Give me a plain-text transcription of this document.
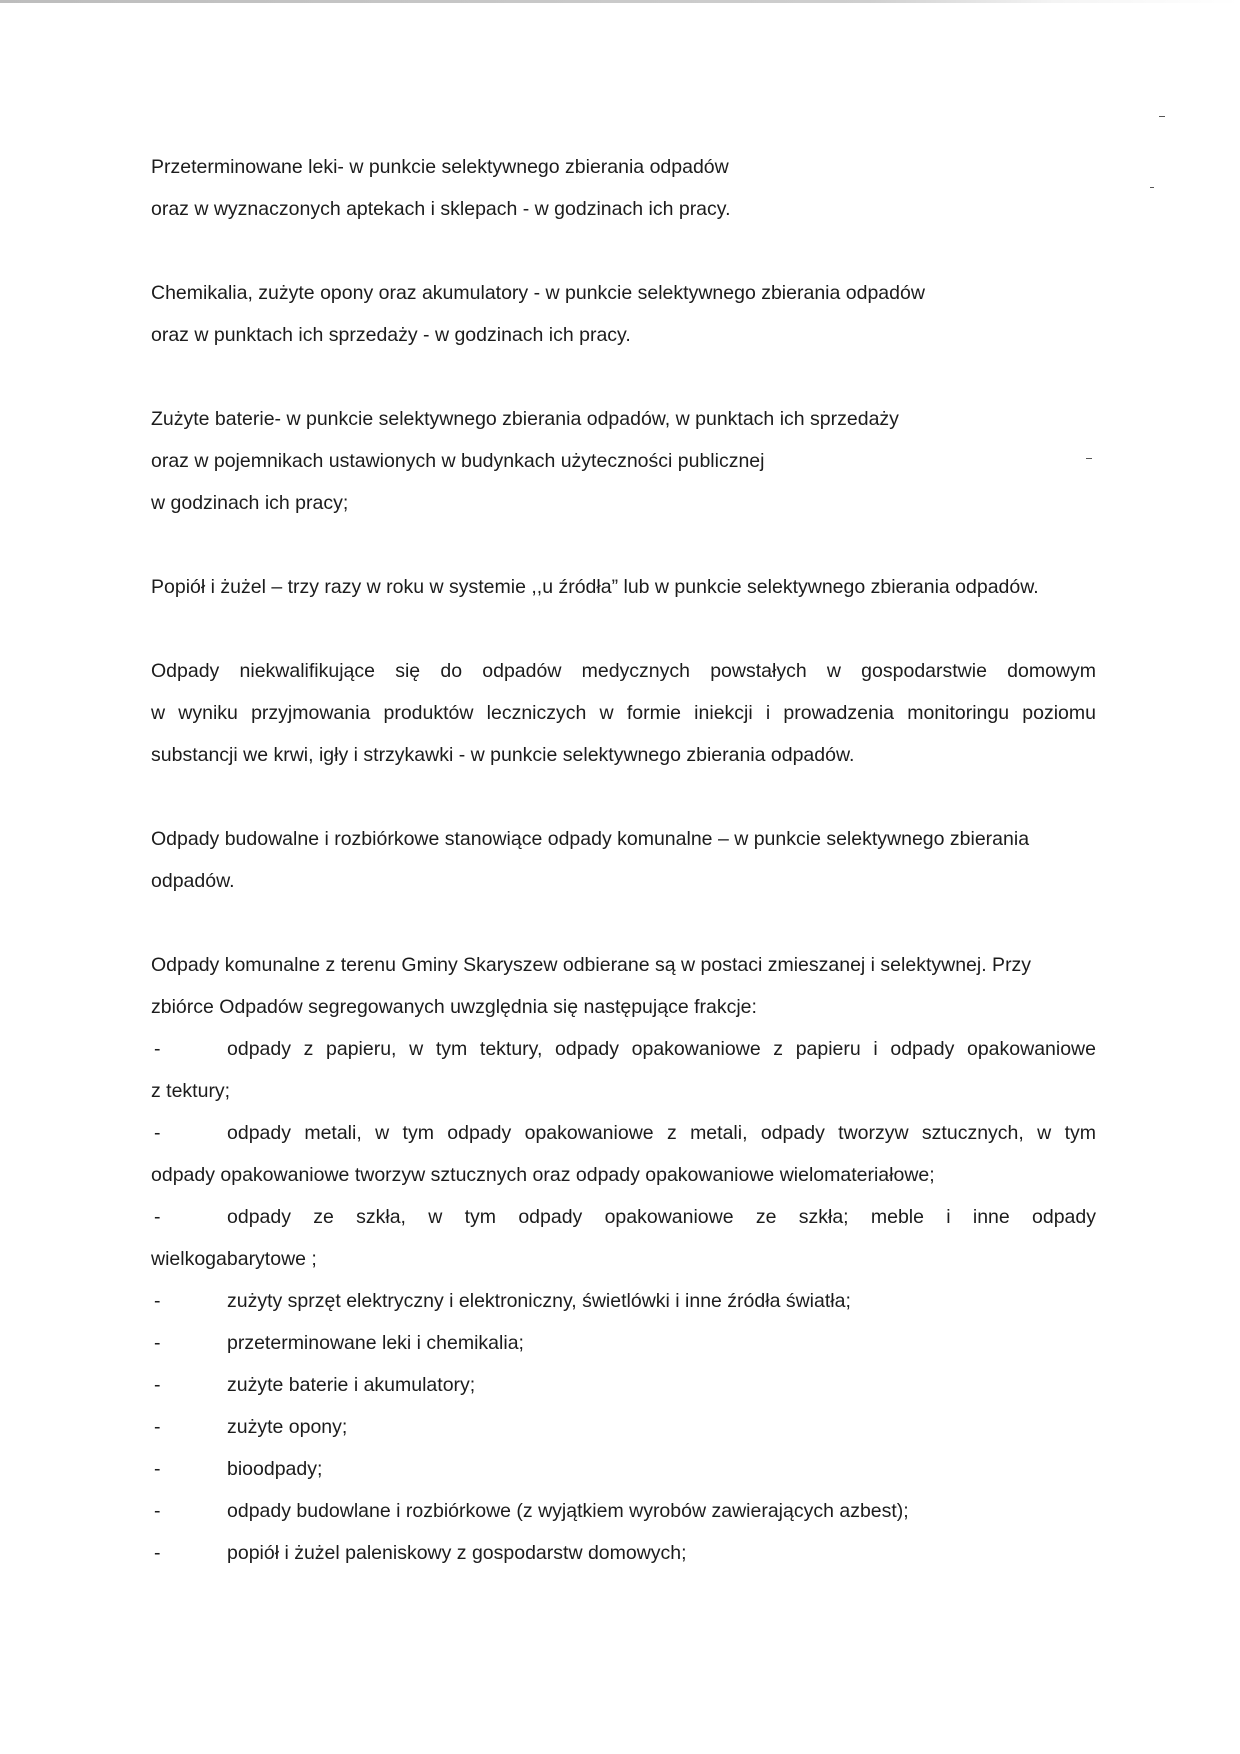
Przeterminowane leki- w punkcie selektywnego zbierania odpadów
oraz w wyznaczonych aptekach i sklepach - w godzinach ich pracy.
Chemikalia, zużyte opony oraz akumulatory - w punkcie selektywnego zbierania odpadów
oraz w punktach ich sprzedaży - w godzinach ich pracy.
Zużyte baterie- w punkcie selektywnego zbierania odpadów, w punktach ich sprzedaży
oraz w pojemnikach ustawionych w budynkach użyteczności publicznej
w godzinach ich pracy;
Popiół i żużel – trzy razy w roku w systemie ,,u źródła” lub w punkcie selektywnego zbierania odpadów.
Odpady niekwalifikujące się do odpadów medycznych powstałych w gospodarstwie domowym
w wyniku przyjmowania produktów leczniczych w formie iniekcji i prowadzenia monitoringu poziomu
substancji we krwi, igły i strzykawki - w punkcie selektywnego zbierania odpadów.
Odpady budowalne i rozbiórkowe stanowiące odpady komunalne – w punkcie selektywnego zbierania
odpadów.
Odpady komunalne z terenu Gminy Skaryszew odbierane są w postaci zmieszanej i selektywnej. Przy
zbiórce Odpadów segregowanych uwzględnia się następujące frakcje:
-	odpady z papieru, w tym tektury, odpady opakowaniowe z papieru i odpady opakowaniowe
z tektury;
-	odpady metali, w tym odpady opakowaniowe z metali, odpady tworzyw sztucznych, w tym
odpady opakowaniowe tworzyw sztucznych oraz odpady opakowaniowe wielomateriałowe;
-	odpady ze szkła, w tym odpady opakowaniowe ze szkła; meble i inne odpady
wielkogabarytowe ;
-	zużyty sprzęt elektryczny i elektroniczny, świetlówki i inne źródła światła;
-	przeterminowane leki i chemikalia;
-	zużyte baterie i akumulatory;
-	zużyte opony;
-	bioodpady;
-	odpady budowlane i rozbiórkowe (z wyjątkiem wyrobów zawierających azbest);
-	popiół i żużel paleniskowy z gospodarstw domowych;
